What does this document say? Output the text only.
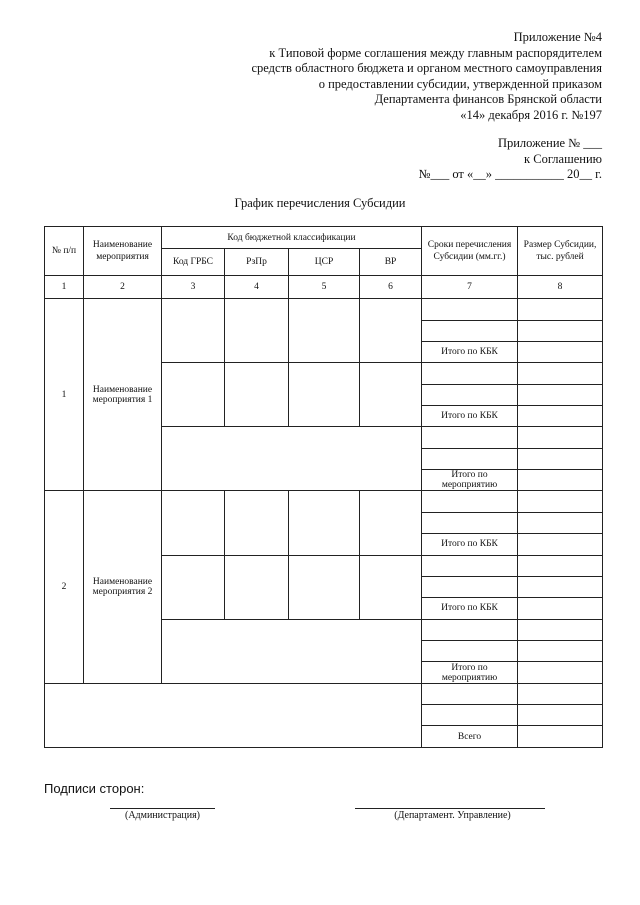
Приложение №4
к Типовой форме соглашения между главным распорядителем
средств областного бюджета и органом местного самоуправления
о предоставлении субсидии, утвержденной приказом
Департамента финансов Брянской области
«14» декабря 2016 г. №197
Приложение № ___
к Соглашению
№___ от «__» ___________ 20__ г.
График перечисления Субсидии
№ п/п	Наименование мероприятия	Код бюджетной классификации				Сроки перечисления Субсидии (мм.гг.)	Размер Субсидии, тыс. рублей
		Код ГРБС	РзПр	ЦСР	ВР		
1	2	3	4	5	6	7	8
1	Наименование мероприятия 1						

						Итого по КБК	

						Итого по КБК	

						Итого по мероприятию	
2	Наименование мероприятия 2						

						Итого по КБК	

						Итого по КБК	

						Итого по мероприятию	

						Всего	
Подписи сторон:
(Администрация)	(Департамент. Управление)
